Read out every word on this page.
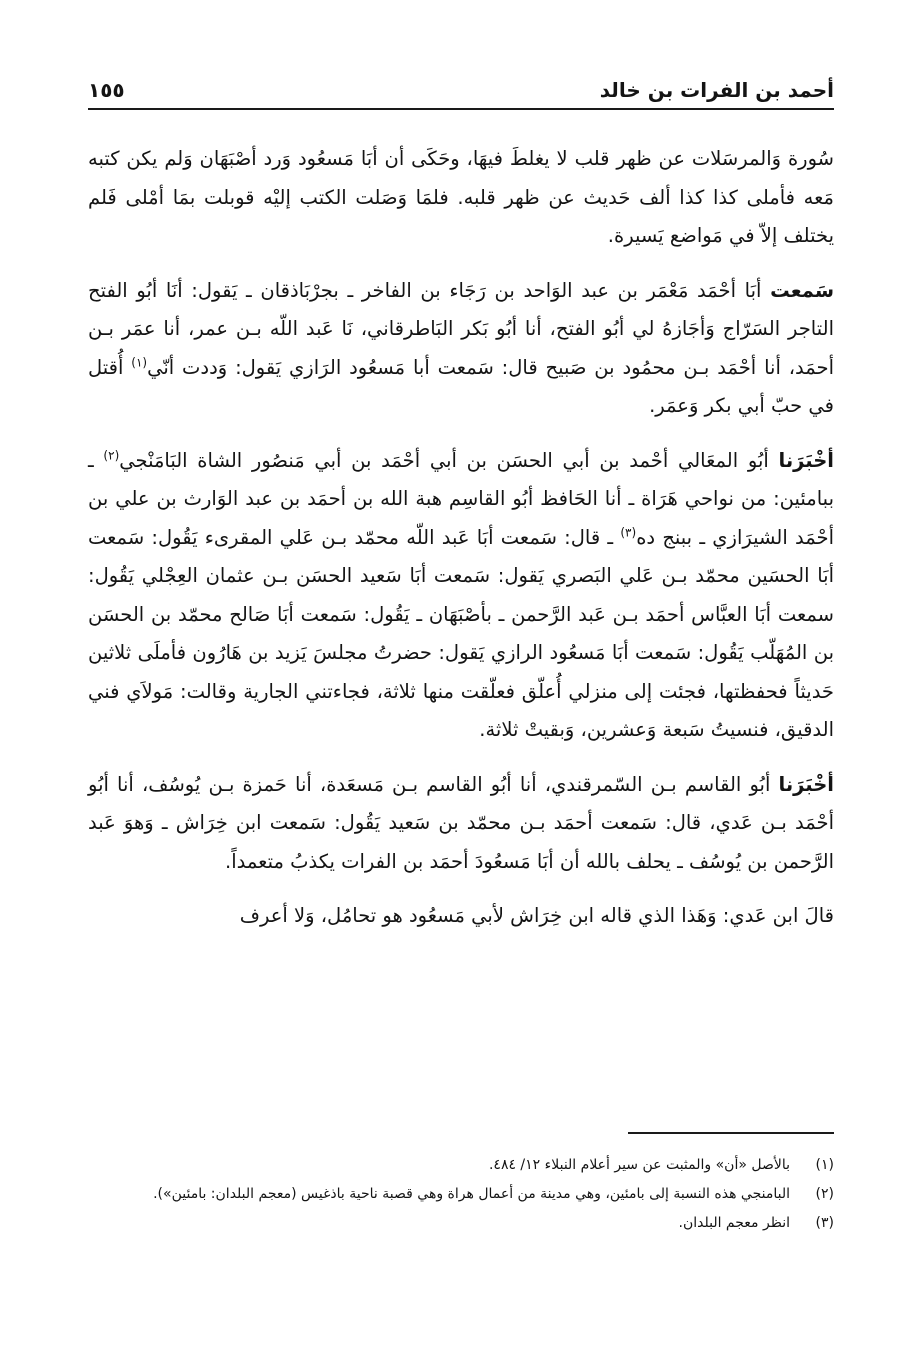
أحمد بن الفرات بن خالد
١٥٥

سُورة وَالمرسَلات عن ظهر قلب لا يغلطَ فيهَا، وحَكَى أن أبَا مَسعُود وَرد أصْبَهَان وَلم يكن كتبه مَعه فأملى كذا كذا ألف حَديث عن ظهر قلبه. فلمَا وَصَلت الكتب إليْه قوبلت بمَا أمْلى فَلم يختلف إلاّ في مَواضع يَسيرة.

سَمعت أبَا أحْمَد مَعْمَر بن عبد الوَاحد بن رَجَاء بن الفاخر ـ بجرْبَاذقان ـ يَقول: أنَا أبُو الفتح التاجر السَرّاج وَأجَازهُ لي أبُو الفتح، أنا أبُو بَكر البَاطرقاني، نَا عَبد اللّه بـن عمر، أنا عمَر بـن أحمَد، أنا أحْمَد بـن محمُود بن صَبيح قال: سَمعت أبا مَسعُود الرَازي يَقول: وَددت أنّي$^{(١)}$ أُقتل في حبّ أبي بكر وَعمَر.

أخْبَرَنا أبُو المعَالي أحْمد بن أبي الحسَن بن أبي أحْمَد بن أبي مَنصُور الشاة البَامَنْجي$^{(٢)}$ ـ ببامئين: من نواحي هَرَاة ـ أنا الحَافظ أبُو القاسِم هبة الله بن أحمَد بن عبد الوَارث بن علي بن أحْمَد الشيرَازي ـ ببنج ده$^{(٣)}$ ـ قال: سَمعت أبَا عَبد اللّه محمّد بـن عَلي المقرىء يَقُول: سَمعت أبَا الحسَين محمّد بـن عَلي البَصري يَقول: سَمعت أبَا سَعيد الحسَن بـن عثمان العِجْلي يَقُول: سمعت أبَا العبَّاس أحمَد بـن عَبد الرَّحمن ـ بأصْبَهَان ـ يَقُول: سَمعت أبَا صَالح محمّد بن الحسَن بن المُهَلّب يَقُول: سَمعت أبَا مَسعُود الرازي يَقول: حضرتُ مجلسَ يَزيد بن هَارُون فأملَى ثلاثين حَديثاً فحفظتها، فجئت إلى منزلي أُعلّق فعلّقت منها ثلاثة، فجاءتني الجارية وقالت: مَولاَي فني الدقيق، فنسيتُ سَبعة وَعشرين، وَبقيتْ ثلاثة.

أخْبَرَنا أبُو القاسم بـن السّمرقندي، أنا أبُو القاسم بـن مَسعَدة، أنا حَمزة بـن يُوسُف، أنا أبُو أحْمَد بـن عَدي، قال: سَمعت أحمَد بـن محمّد بن سَعيد يَقُول: سَمعت ابن خِرَاش ـ وَهوَ عَبد الرَّحمن بن يُوسُف ـ يحلف بالله أن أبَا مَسعُودَ أحمَد بن الفرات يكذبُ متعمداً.

قالَ ابن عَدي: وَهَذا الذي قاله ابن خِرَاش لأبي مَسعُود هو تحامُل، وَلا أعرف

(١)
بالأصل «أن» والمثبت عن سير أعلام النبلاء ١٢/ ٤٨٤.
(٢)
البامنجي هذه النسبة إلى بامئين، وهي مدينة من أعمال هراة وهي قصبة ناحية باذغيس (معجم البلدان: بامئين»).
(٣)
انظر معجم البلدان.
